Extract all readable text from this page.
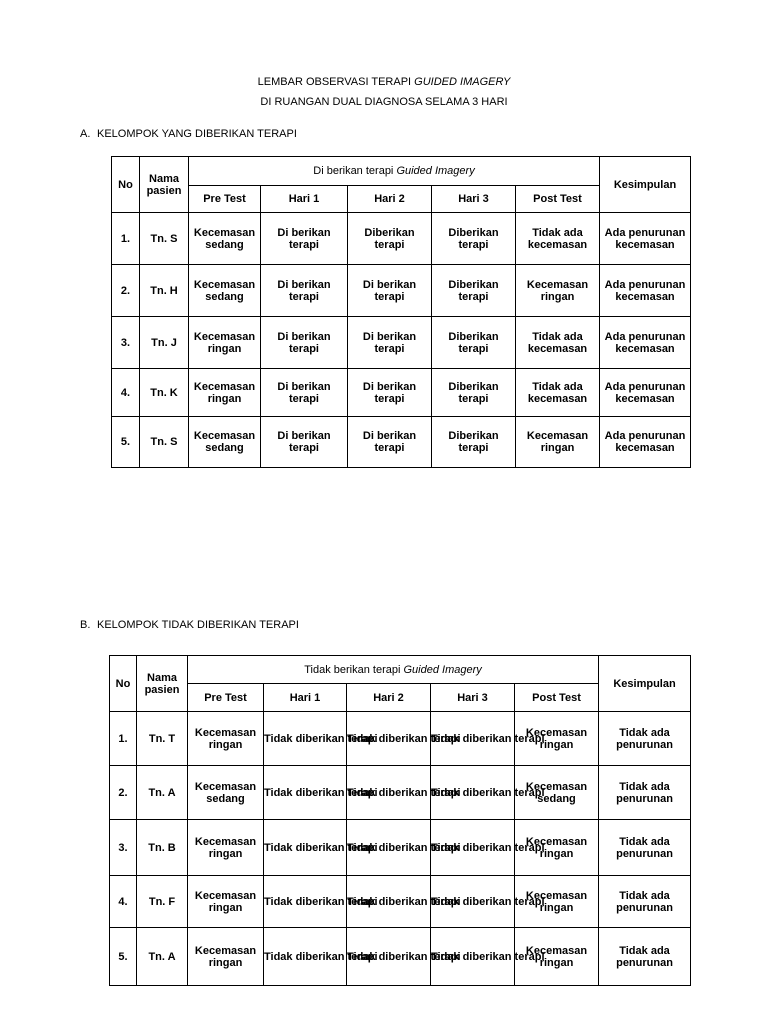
LEMBAR OBSERVASI TERAPI GUIDED IMAGERY
DI RUANGAN DUAL DIAGNOSA SELAMA 3 HARI
A. KELOMPOK YANG DIBERIKAN TERAPI
No	Nama pasien	Di berikan terapi Guided Imagery					Kesimpulan
		Pre Test	Hari 1	Hari 2	Hari 3	Post Test	
1.	Tn. S	Kecemasan sedang	Di berikan terapi	Diberikan terapi	Diberikan terapi	Tidak ada kecemasan	Ada penurunan kecemasan
2.	Tn. H	Kecemasan sedang	Di berikan terapi	Di berikan terapi	Diberikan terapi	Kecemasan ringan	Ada penurunan kecemasan
3.	Tn. J	Kecemasan ringan	Di berikan terapi	Di berikan terapi	Diberikan terapi	Tidak ada kecemasan	Ada penurunan kecemasan
4.	Tn. K	Kecemasan ringan	Di berikan terapi	Di berikan terapi	Diberikan terapi	Tidak ada kecemasan	Ada penurunan kecemasan
5.	Tn. S	Kecemasan sedang	Di berikan terapi	Di berikan terapi	Diberikan terapi	Kecemasan ringan	Ada penurunan kecemasan
B. KELOMPOK TIDAK DIBERIKAN TERAPI
No	Nama pasien	Tidak berikan terapi Guided Imagery					Kesimpulan
		Pre Test	Hari 1	Hari 2	Hari 3	Post Test	
1.	Tn. T	Kecemasan ringan	Tidak diberikan terapi	Tidak diberikan terapi	Tidak diberikan terapi	Kecemasan ringan	Tidak ada penurunan
2.	Tn. A	Kecemasan sedang	Tidak diberikan terapi	Tidak diberikan terapi	Tidak diberikan terapi	Kecemasan sedang	Tidak ada penurunan
3.	Tn. B	Kecemasan ringan	Tidak diberikan terapi	Tidak diberikan terapi	Tidak diberikan terapi	Kecemasan ringan	Tidak ada penurunan
4.	Tn. F	Kecemasan ringan	Tidak diberikan terapi	Tidak diberikan terapi	Tidak diberikan terapi	Kecemasan ringan	Tidak ada penurunan
5.	Tn. A	Kecemasan ringan	Tidak diberikan terapi	Tidak diberikan terapi	Tidak diberikan terapi	Kecemasan ringan	Tidak ada penurunan
